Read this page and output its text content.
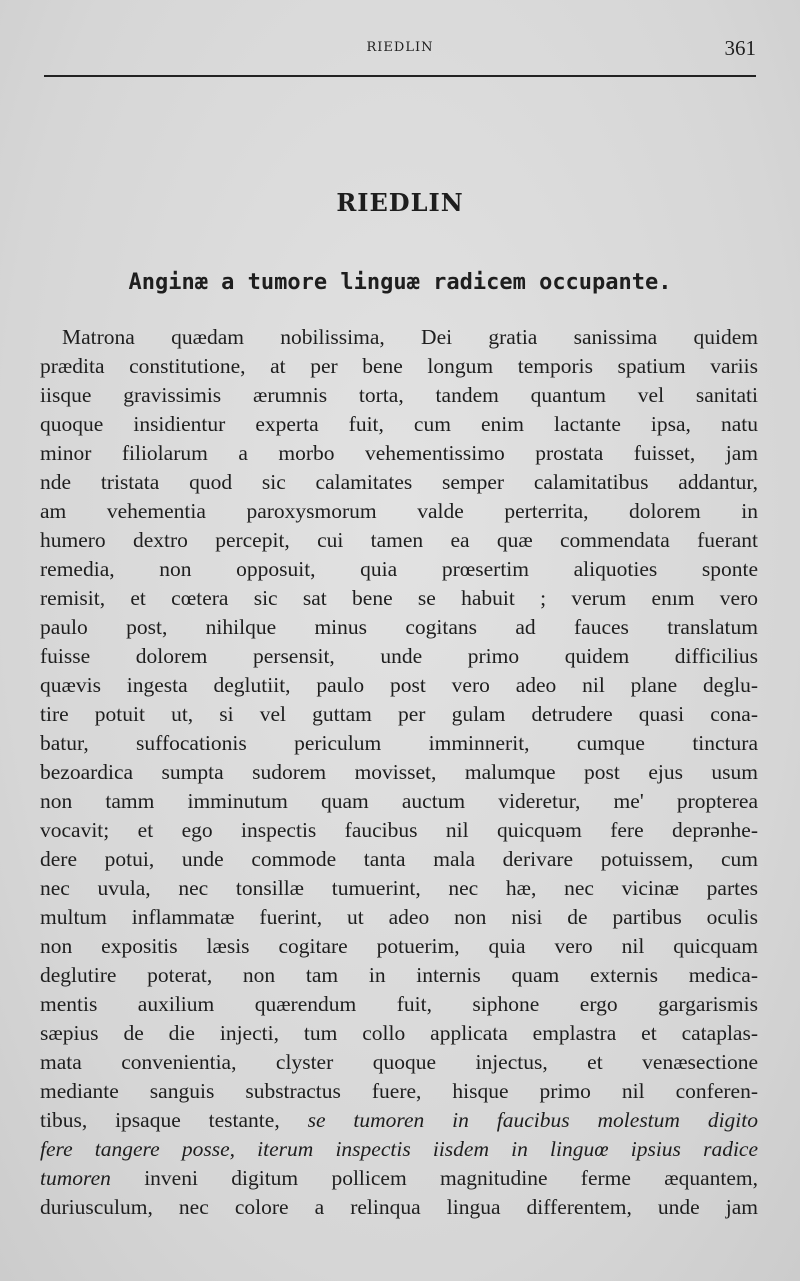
RIEDLIN	361
RIEDLIN
Anginæ a tumore linguæ radicem occupante.
Matrona quædam nobilissima, Dei gratia sanissima quidem
prædita constitutione, at per bene longum temporis spatium variis
iisque gravissimis ærumnis torta, tandem quantum vel sanitati
quoque insidientur experta fuit, cum enim lactante ipsa, natu
minor filiolarum a morbo vehementissimo prostata fuisset, jam
nde tristata quod sic calamitates semper calamitatibus addantur,
am vehementia paroxysmorum valde perterrita, dolorem in
humero dextro percepit, cui tamen ea quæ commendata fuerant
remedia, non opposuit, quia prœsertim aliquoties sponte
remisit, et cœtera sic sat bene se habuit ; verum enım vero
paulo post, nihilque minus cogitans ad fauces translatum
fuisse dolorem persensit, unde primo quidem difficilius
quævis ingesta deglutiit, paulo post vero adeo nil plane deglu-
tire potuit ut, si vel guttam per gulam detrudere quasi cona-
batur, suffocationis periculum imminnerit, cumque tinctura
bezoardica sumpta sudorem movisset, malumque post ejus usum
non tamm imminutum quam auctum videretur, me' propterea
vocavit; et ego inspectis faucibus nil quicquəm fere deprənhe-
dere potui, unde commode tanta mala derivare potuissem, cum
nec uvula, nec tonsillæ tumuerint, nec hæ, nec vicinæ partes
multum inflammatæ fuerint, ut adeo non nisi de partibus oculis
non expositis læsis cogitare potuerim, quia vero nil quicquam
deglutire poterat, non tam in internis quam externis medica-
mentis auxilium quærendum fuit, siphone ergo gargarismis
sæpius de die injecti, tum collo applicata emplastra et cataplas-
mata convenientia, clyster quoque injectus, et venæsectione
mediante sanguis substractus fuere, hisque primo nil conferen-
tibus, ipsaque testante, se tumoren in faucibus molestum digito
fere tangere posse, iterum inspectis iisdem in linguœ ipsius radice
tumoren inveni digitum pollicem magnitudine ferme æquantem,
duriusculum, nec colore a relinqua lingua differentem, unde jam
